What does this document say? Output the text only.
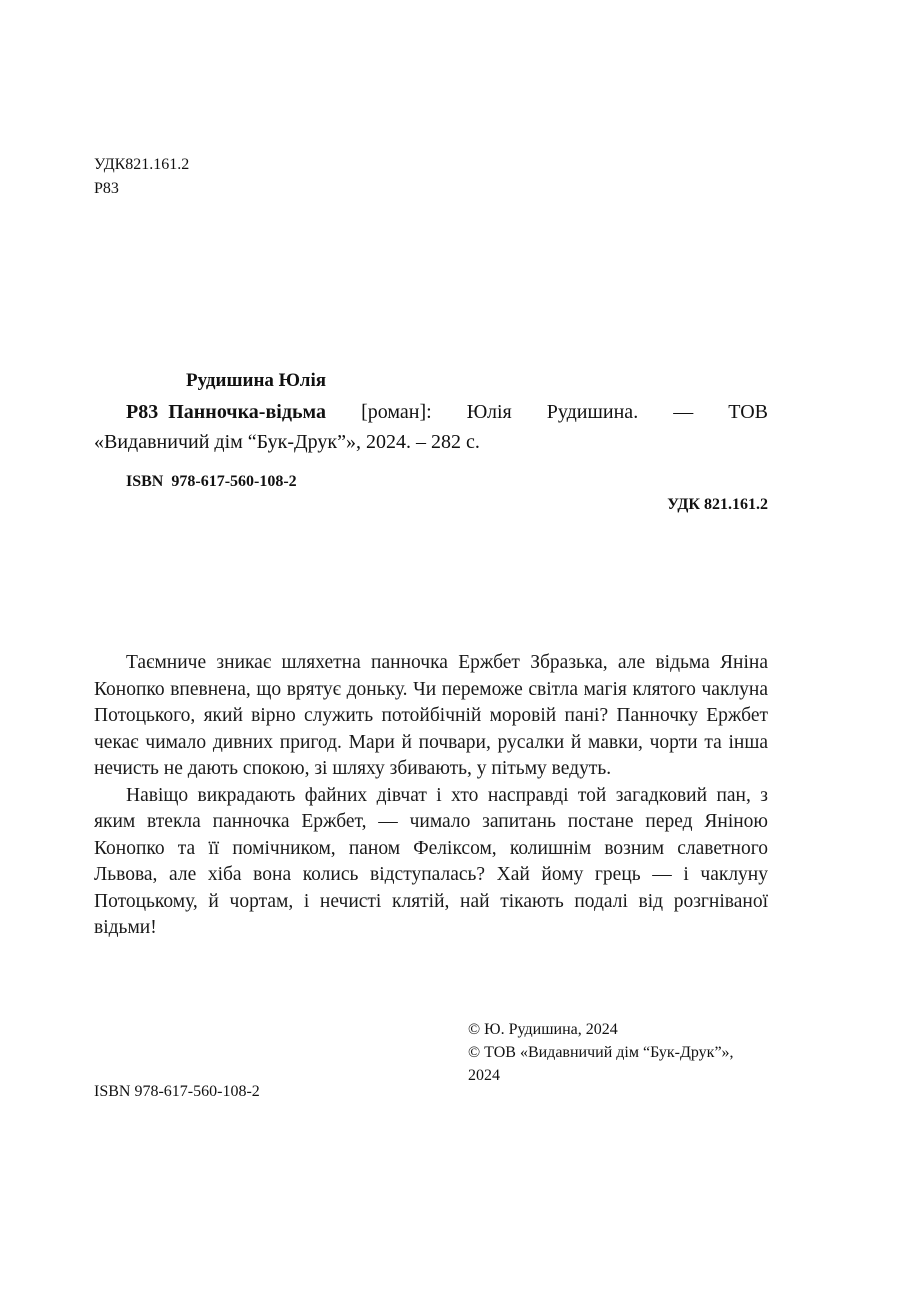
УДК821.161.2
Р83
Рудишина Юлія
Р83 Панночка-відьма [роман]: Юлія Рудишина. — ТОВ
«Видавничий дім “Бук-Друк”», 2024. – 282 с.
ISBN 978-617-560-108-2
УДК 821.161.2

Таємниче зникає шляхетна панночка Ержбет Збразька, але відьма Яніна Конопко впевнена, що врятує доньку. Чи переможе світла магія клятого чаклуна Потоцького, який вірно служить потойбічній моровій пані? Панночку Ержбет чекає чимало дивних пригод. Мари й почвари, русалки й мавки, чорти та інша нечисть не дають спокою, зі шляху збивають, у пітьму ведуть.

Навіщо викрадають файних дівчат і хто насправді той загадковий пан, з яким втекла панночка Ержбет, — чимало запитань постане перед Яніною Конопко та її помічником, паном Феліксом, колишнім возним славетного Львова, але хіба вона колись відступалась? Хай йому грець — і чаклуну Потоцькому, й чортам, і нечисті клятій, най тікають подалі від розгніваної відьми!

© Ю. Рудишина, 2024
© ТОВ «Видавничий дім “Бук-Друк”»,
2024
ISBN 978-617-560-108-2
